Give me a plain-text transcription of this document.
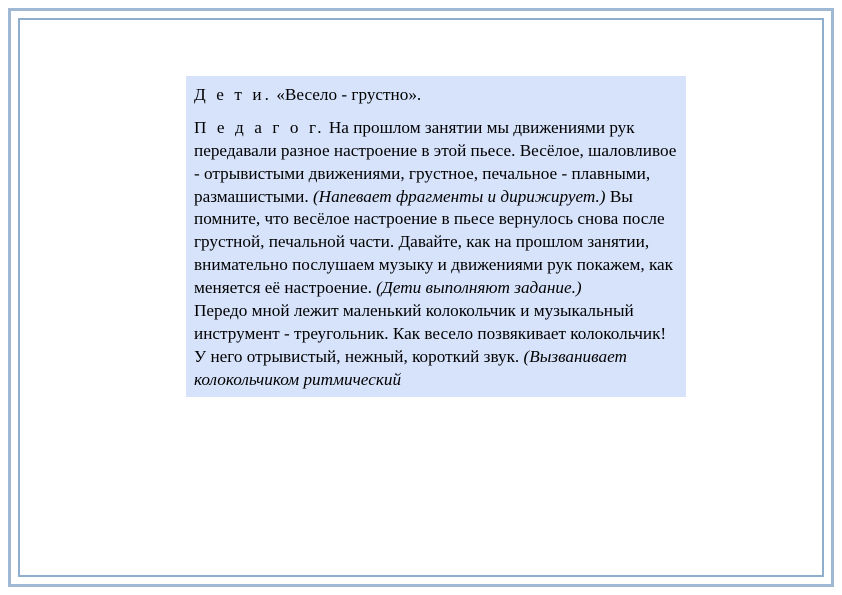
Д е т и. «Весело - грустно».

П е д а г о г. На прошлом занятии мы движениями рук передавали разное настроение в этой пьесе. Весёлое, шаловливое - отрывистыми движениями, грустное, печальное - плавными, размашистыми. (Напевает фрагменты и дирижирует.) Вы помните, что весёлое настроение в пьесе вернулось снова после грустной, печальной части. Давайте, как на прошлом занятии, внимательно послушаем музыку и движениями рук покажем, как меняется её настроение. (Дети выполняют задание.)
Передо мной лежит маленький колокольчик и музыкальный инструмент - треугольник. Как весело позвякивает колокольчик! У него отрывистый, нежный, короткий звук. (Вызванивает колокольчиком ритмический
